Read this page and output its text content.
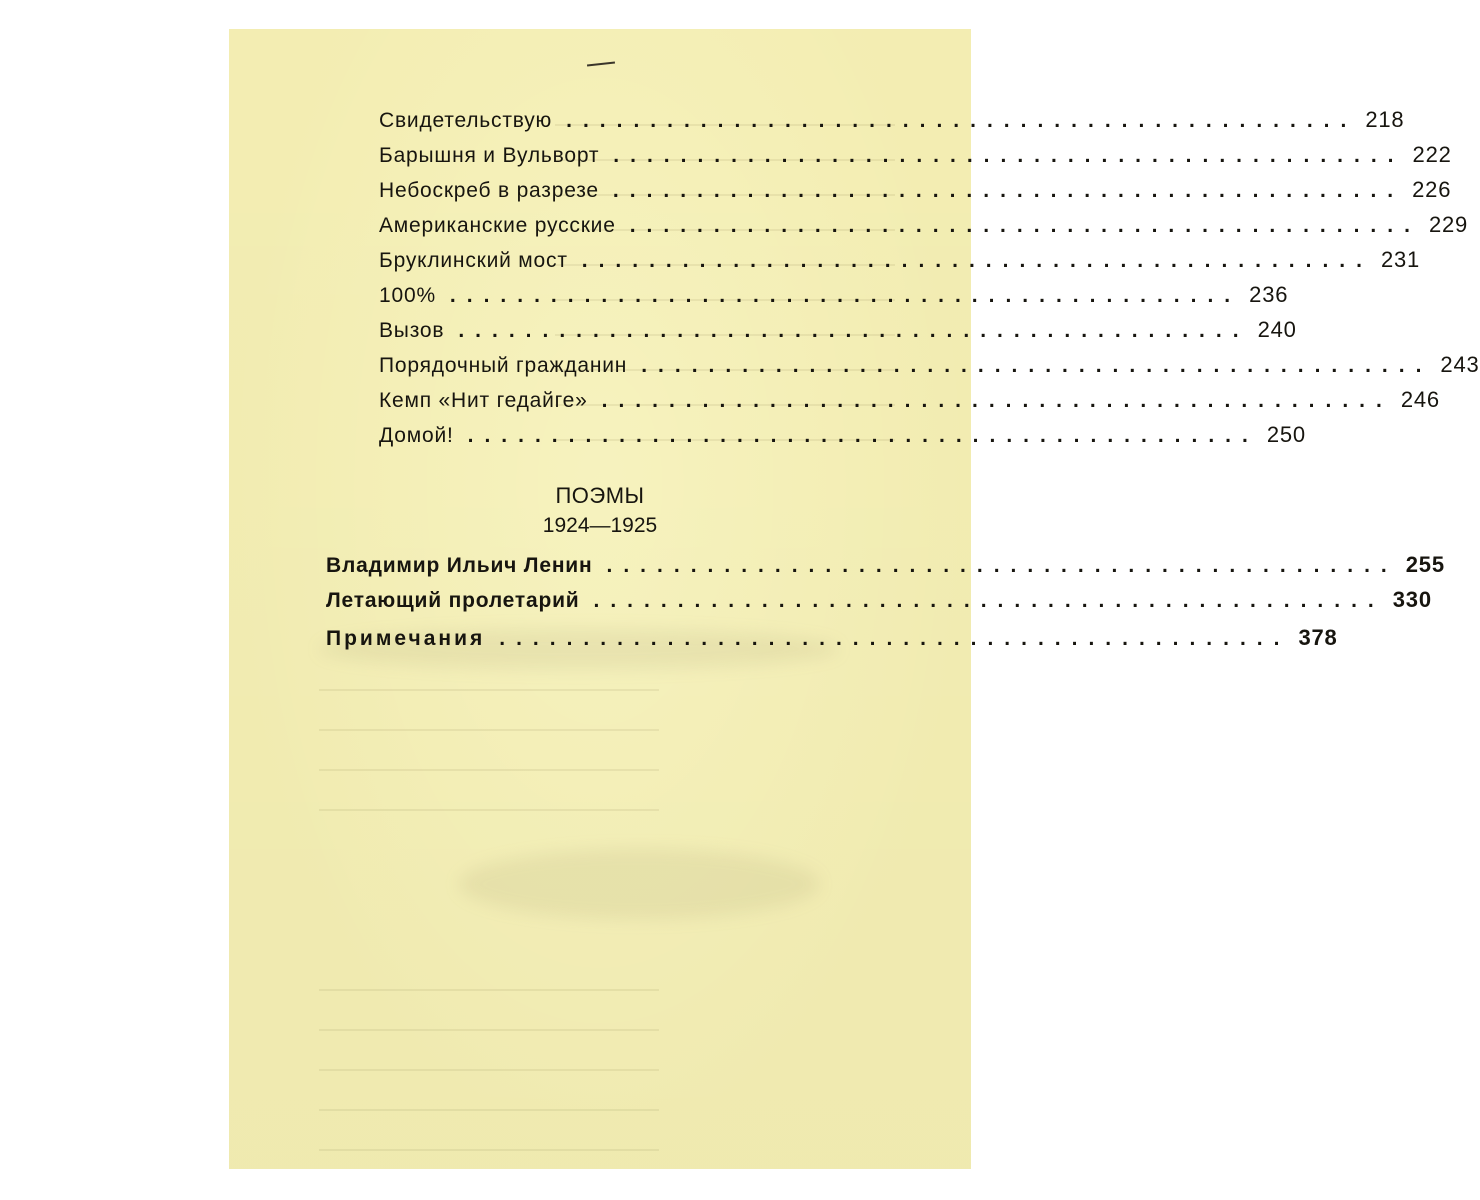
Свидетельствую ............................................... 218
Барышня и Вульворт ............................................... 222
Небоскреб в разрезе ............................................... 226
Американские русские ............................................... 229
Бруклинский мост ............................................... 231
100% ............................................... 236
Вызов ............................................... 240
Порядочный гражданин ............................................... 243
Кемп «Нит гедайге» ............................................... 246
Домой! ............................................... 250
ПОЭМЫ
1924—1925
Владимир Ильич Ленин ............................................... 255
Летающий пролетарий ............................................... 330
Примечания ............................................... 378
